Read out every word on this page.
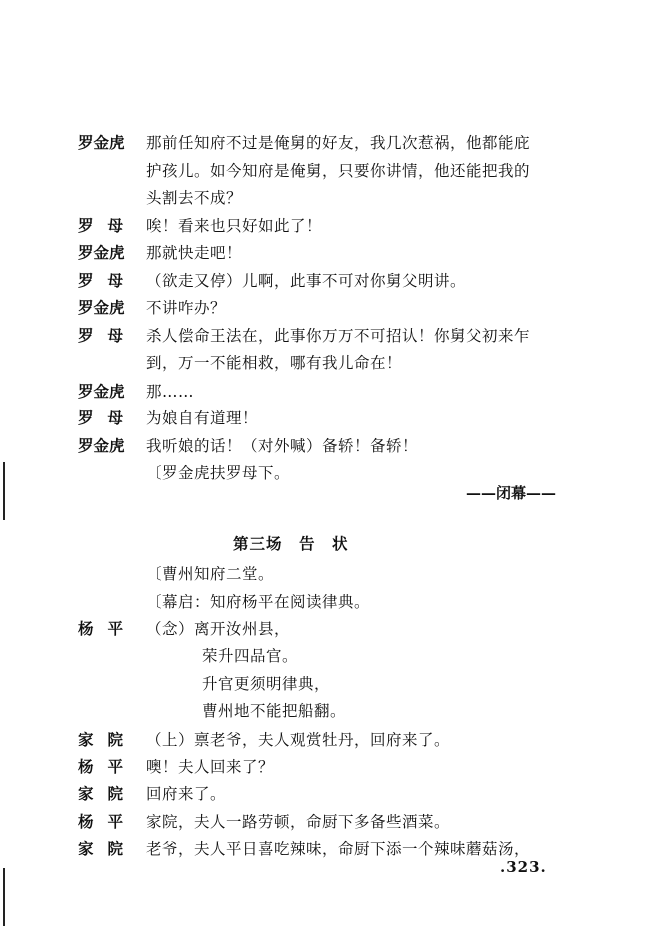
罗金虎 那前任知府不过是俺舅的好友，我几次惹祸，他都能庇
护孩儿。如今知府是俺舅，只要你讲情，他还能把我的
头割去不成？
罗母 唉！看来也只好如此了！
罗金虎 那就快走吧！
罗母 （欲走又停）儿啊，此事不可对你舅父明讲。
罗金虎 不讲咋办？
罗母 杀人偿命王法在，此事你万万不可招认！你舅父初来乍
到，万一不能相救，哪有我儿命在！
罗金虎 那……
罗母 为娘自有道理！
罗金虎 我听娘的话！（对外喊）备轿！备轿！
〔罗金虎扶罗母下。
——闭幕——
第三场　告　状
〔曹州知府二堂。
〔幕启：知府杨平在阅读律典。
杨平 （念）离开汝州县，
荣升四品官。
升官更须明律典，
曹州地不能把船翻。
家院 （上）禀老爷，夫人观赏牡丹，回府来了。
杨平 噢！夫人回来了？
家院 回府来了。
杨平 家院，夫人一路劳顿，命厨下多备些酒菜。
家院 老爷，夫人平日喜吃辣味，命厨下添一个辣味蘑菇汤，
.323.
